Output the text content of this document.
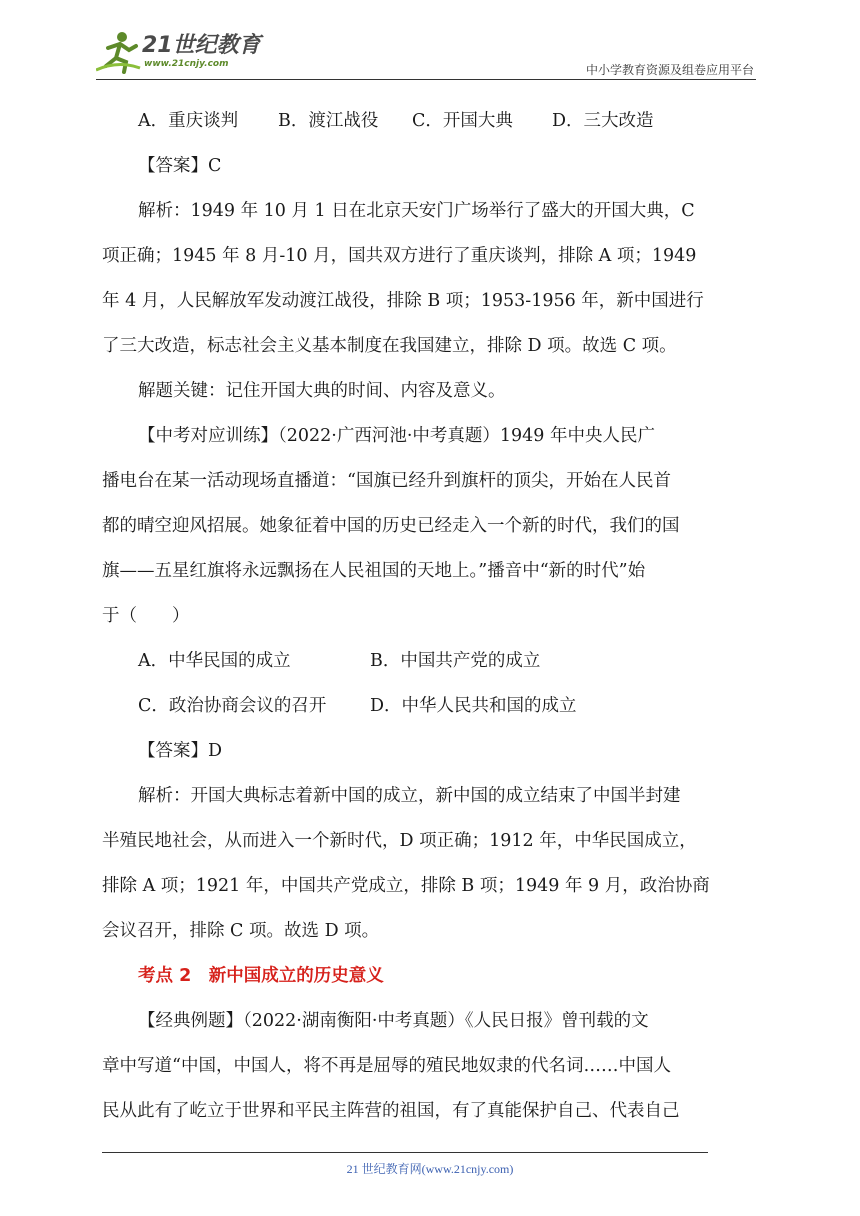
21世纪教育
www.21cnjy.com	中小学教育资源及组卷应用平台
A．重庆谈判 B．渡江战役 C．开国大典 D．三大改造
【答案】C
解析：1949 年 10 月 1 日在北京天安门广场举行了盛大的开国大典，C
项正确；1945 年 8 月-10 月，国共双方进行了重庆谈判，排除 A 项；1949
年 4 月，人民解放军发动渡江战役，排除 B 项；1953-1956 年，新中国进行
了三大改造，标志社会主义基本制度在我国建立，排除 D 项。故选 C 项。
解题关键：记住开国大典的时间、内容及意义。
【中考对应训练】（2022·广西河池·中考真题）1949 年中央人民广
播电台在某一活动现场直播道：“国旗已经升到旗杆的顶尖，开始在人民首
都的晴空迎风招展。她象征着中国的历史已经走入一个新的时代，我们的国
旗——五星红旗将永远飘扬在人民祖国的天地上。”播音中“新的时代”始
于（　　）
A．中华民国的成立	B．中国共产党的成立
C．政治协商会议的召开 D．中华人民共和国的成立
【答案】D
解析：开国大典标志着新中国的成立，新中国的成立结束了中国半封建
半殖民地社会，从而进入一个新时代，D 项正确；1912 年，中华民国成立，
排除 A 项；1921 年，中国共产党成立，排除 B 项；1949 年 9 月，政治协商
会议召开，排除 C 项。故选 D 项。
考点 2　新中国成立的历史意义
【经典例题】（2022·湖南衡阳·中考真题）《人民日报》曾刊载的文
章中写道“中国，中国人，将不再是屈辱的殖民地奴隶的代名词……中国人
民从此有了屹立于世界和平民主阵营的祖国，有了真能保护自己、代表自己
21 世纪教育网(www.21cnjy.com)
